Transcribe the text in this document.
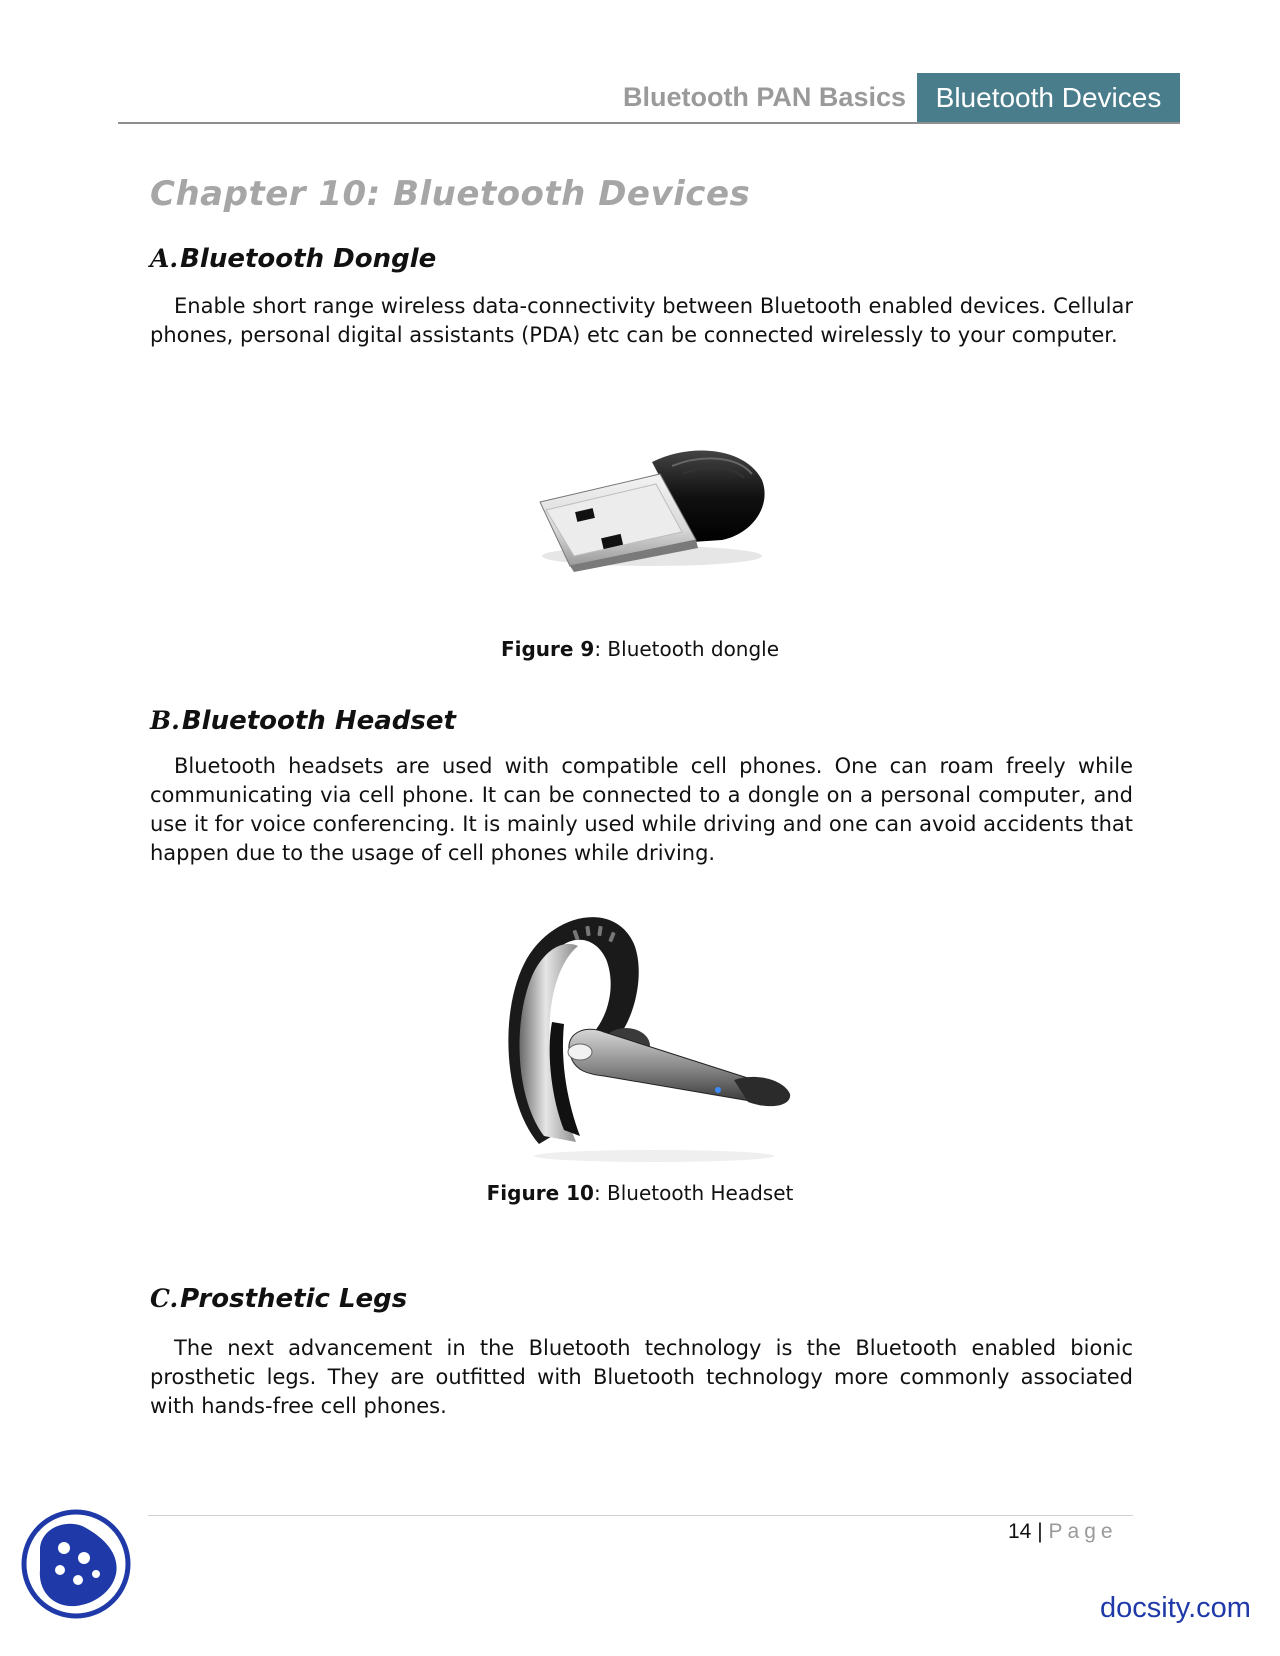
Bluetooth PAN Basics	Bluetooth Devices
Chapter 10: Bluetooth Devices
A.Bluetooth Dongle
Enable short range wireless data-connectivity between Bluetooth enabled devices. Cellular phones, personal digital assistants (PDA) etc can be connected wirelessly to your computer.
Figure 9: Bluetooth dongle
B.Bluetooth Headset
Bluetooth headsets are used with compatible cell phones. One can roam freely while communicating via cell phone. It can be connected to a dongle on a personal computer, and use it for voice conferencing. It is mainly used while driving and one can avoid accidents that happen due to the usage of cell phones while driving.
Figure 10: Bluetooth Headset
C.Prosthetic Legs
The next advancement in the Bluetooth technology is the Bluetooth enabled bionic prosthetic legs. They are outfitted with Bluetooth technology more commonly associated with hands-free cell phones.
14 | Page
docsity.com
